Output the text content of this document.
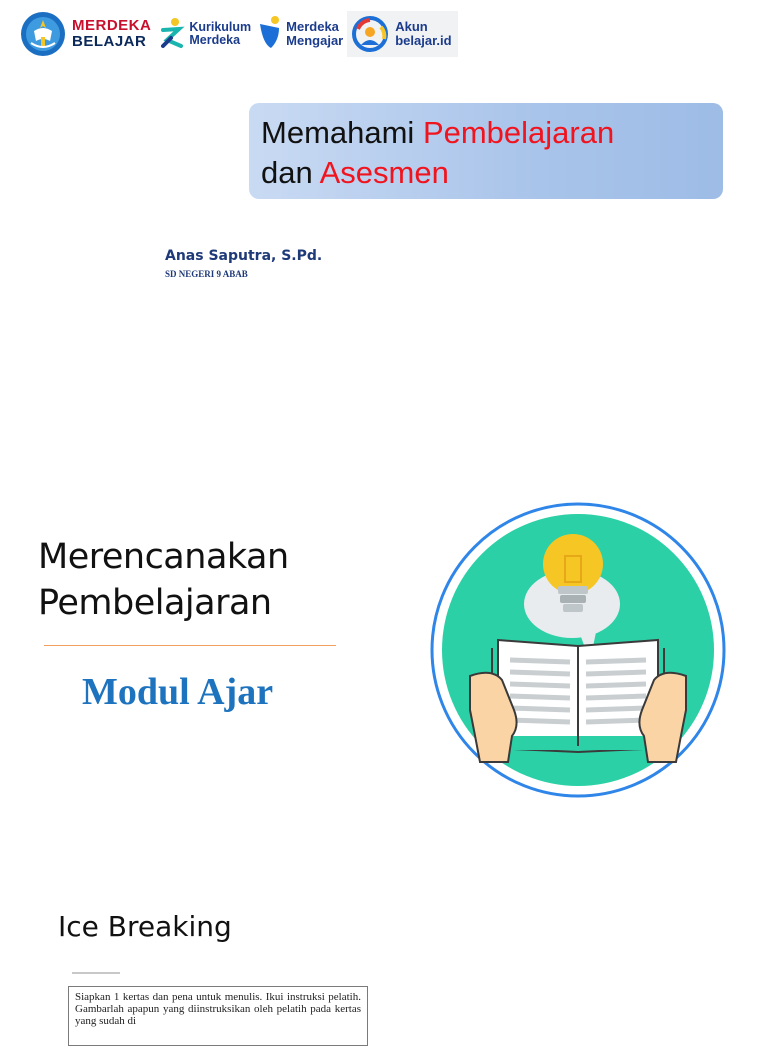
MERDEKA
BELAJAR
Kurikulum
Merdeka
Merdeka
Mengajar
Akun
belajar.id
Memahami Pembelajaran
dan Asesmen
Anas Saputra, S.Pd.
SD NEGERI 9 ABAB
Merencanakan
Pembelajaran
Modul Ajar
Ice Breaking
Siapkan 1 kertas dan pena untuk menulis. Ikui instruksi pelatih. Gambarlah apapun yang diinstruksikan oleh pelatih pada kertas yang sudah di
